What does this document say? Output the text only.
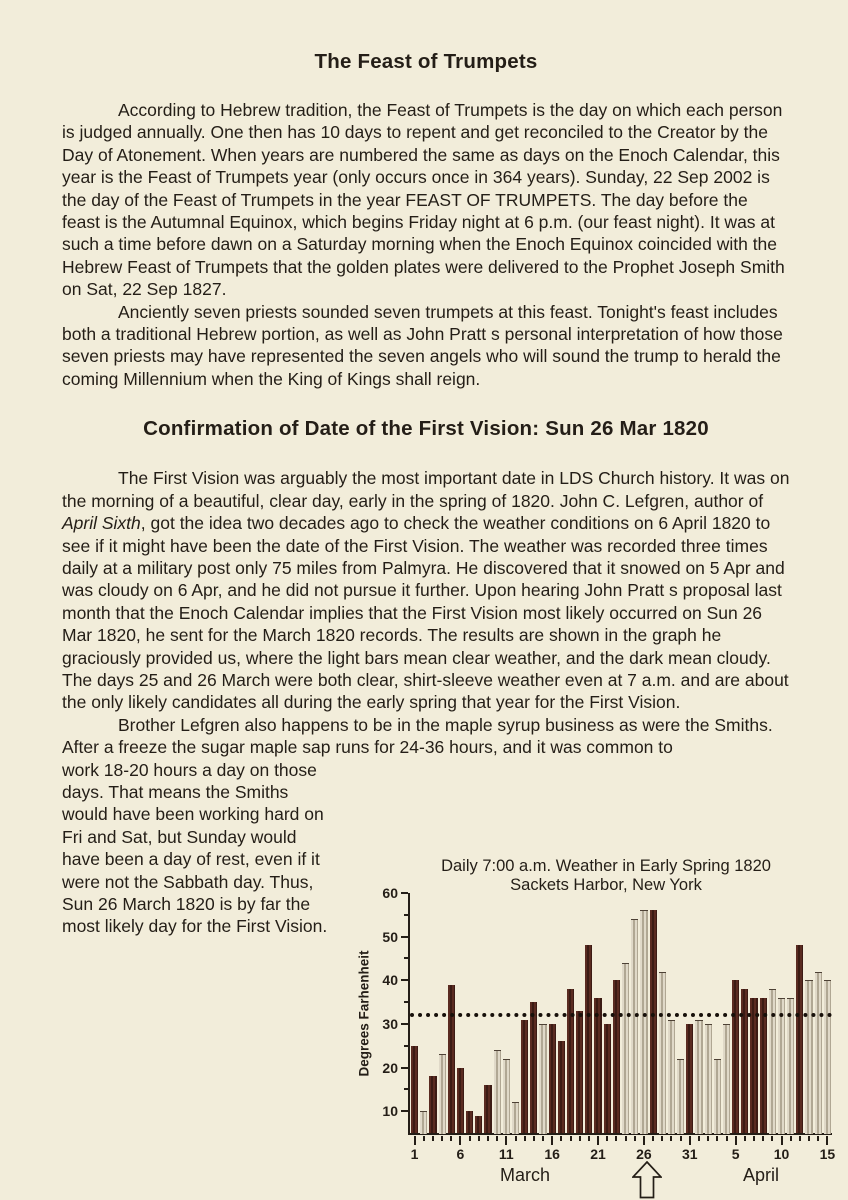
The Feast of Trumpets

According to Hebrew tradition, the Feast of Trumpets is the day on which each person is judged annually. One then has 10 days to repent and get reconciled to the Creator by the Day of Atonement. When years are numbered the same as days on the Enoch Calendar, this year is the Feast of Trumpets year (only occurs once in 364 years). Sunday, 22 Sep 2002 is the day of the Feast of Trumpets in the year FEAST OF TRUMPETS. The day before the feast is the Autumnal Equinox, which begins Friday night at 6 p.m. (our feast night). It was at such a time before dawn on a Saturday morning when the Enoch Equinox coincided with the Hebrew Feast of Trumpets that the golden plates were delivered to the Prophet Joseph Smith on Sat, 22 Sep 1827.

Anciently seven priests sounded seven trumpets at this feast. Tonight's feast includes both a traditional Hebrew portion, as well as John Pratt s personal interpretation of how those seven priests may have represented the seven angels who will sound the trump to herald the coming Millennium when the King of Kings shall reign.

Confirmation of Date of the First Vision: Sun 26 Mar 1820

The First Vision was arguably the most important date in LDS Church history. It was on the morning of a beautiful, clear day, early in the spring of 1820. John C. Lefgren, author of April Sixth, got the idea two decades ago to check the weather conditions on 6 April 1820 to see if it might have been the date of the First Vision. The weather was recorded three times daily at a military post only 75 miles from Palmyra. He discovered that it snowed on 5 Apr and was cloudy on 6 Apr, and he did not pursue it further. Upon hearing John Pratt s proposal last month that the Enoch Calendar implies that the First Vision most likely occurred on Sun 26 Mar 1820, he sent for the March 1820 records. The results are shown in the graph he graciously provided us, where the light bars mean clear weather, and the dark mean cloudy. The days 25 and 26 March were both clear, shirt-sleeve weather even at 7 a.m. and are about the only likely candidates all during the early spring that year for the First Vision.

Brother Lefgren also happens to be in the maple syrup business as were the Smiths. After a freeze the sugar maple sap runs for 24-36 hours, and it was common to

work 18-20 hours a day on those days. That means the Smiths would have been working hard on Fri and Sat, but Sunday would have been a day of rest, even if it were not the Sabbath day. Thus, Sun 26 March 1820 is by far the most likely day for the First Vision.

Daily 7:00 a.m. Weather in Early Spring 1820
Sackets Harbor, New York
Degrees Farhenheit
March	April
10
20
30
40
50
60
1	6	11	16	21	26	31	5	10	15
